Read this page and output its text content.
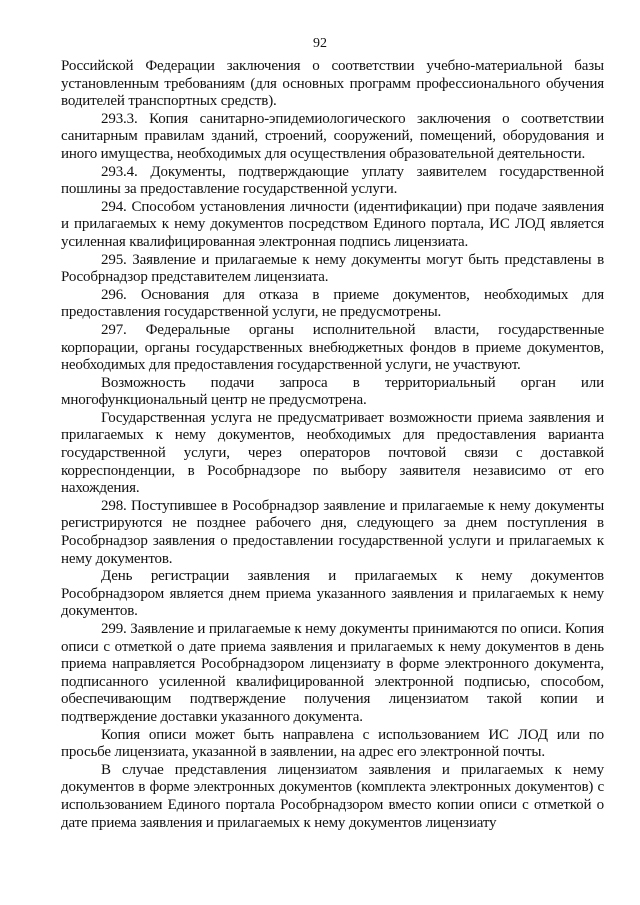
92

Российской Федерации заключения о соответствии учебно-материальной базы установленным требованиям (для основных программ профессионального обучения водителей транспортных средств).

293.3. Копия санитарно-эпидемиологического заключения о соответствии санитарным правилам зданий, строений, сооружений, помещений, оборудования и иного имущества, необходимых для осуществления образовательной деятельности.

293.4. Документы, подтверждающие уплату заявителем государственной пошлины за предоставление государственной услуги.

294. Способом установления личности (идентификации) при подаче заявления и прилагаемых к нему документов посредством Единого портала, ИС ЛОД является усиленная квалифицированная электронная подпись лицензиата.

295. Заявление и прилагаемые к нему документы могут быть представлены в Рособрнадзор представителем лицензиата.

296. Основания для отказа в приеме документов, необходимых для предоставления государственной услуги, не предусмотрены.

297. Федеральные органы исполнительной власти, государственные корпорации, органы государственных внебюджетных фондов в приеме документов, необходимых для предоставления государственной услуги, не участвуют.

Возможность подачи запроса в территориальный орган или многофункциональный центр не предусмотрена.

Государственная услуга не предусматривает возможности приема заявления и прилагаемых к нему документов, необходимых для предоставления варианта государственной услуги, через операторов почтовой связи с доставкой корреспонденции, в Рособрнадзоре по выбору заявителя независимо от его нахождения.

298. Поступившее в Рособрнадзор заявление и прилагаемые к нему документы регистрируются не позднее рабочего дня, следующего за днем поступления в Рособрнадзор заявления о предоставлении государственной услуги и прилагаемых к нему документов.

День регистрации заявления и прилагаемых к нему документов Рособрнадзором является днем приема указанного заявления и прилагаемых к нему документов.

299. Заявление и прилагаемые к нему документы принимаются по описи. Копия описи с отметкой о дате приема заявления и прилагаемых к нему документов в день приема направляется Рособрнадзором лицензиату в форме электронного документа, подписанного усиленной квалифицированной электронной подписью, способом, обеспечивающим подтверждение получения лицензиатом такой копии и подтверждение доставки указанного документа.

Копия описи может быть направлена с использованием ИС ЛОД или по просьбе лицензиата, указанной в заявлении, на адрес его электронной почты.

В случае представления лицензиатом заявления и прилагаемых к нему документов в форме электронных документов (комплекта электронных документов) с использованием Единого портала Рособрнадзором вместо копии описи с отметкой о дате приема заявления и прилагаемых к нему документов лицензиату
